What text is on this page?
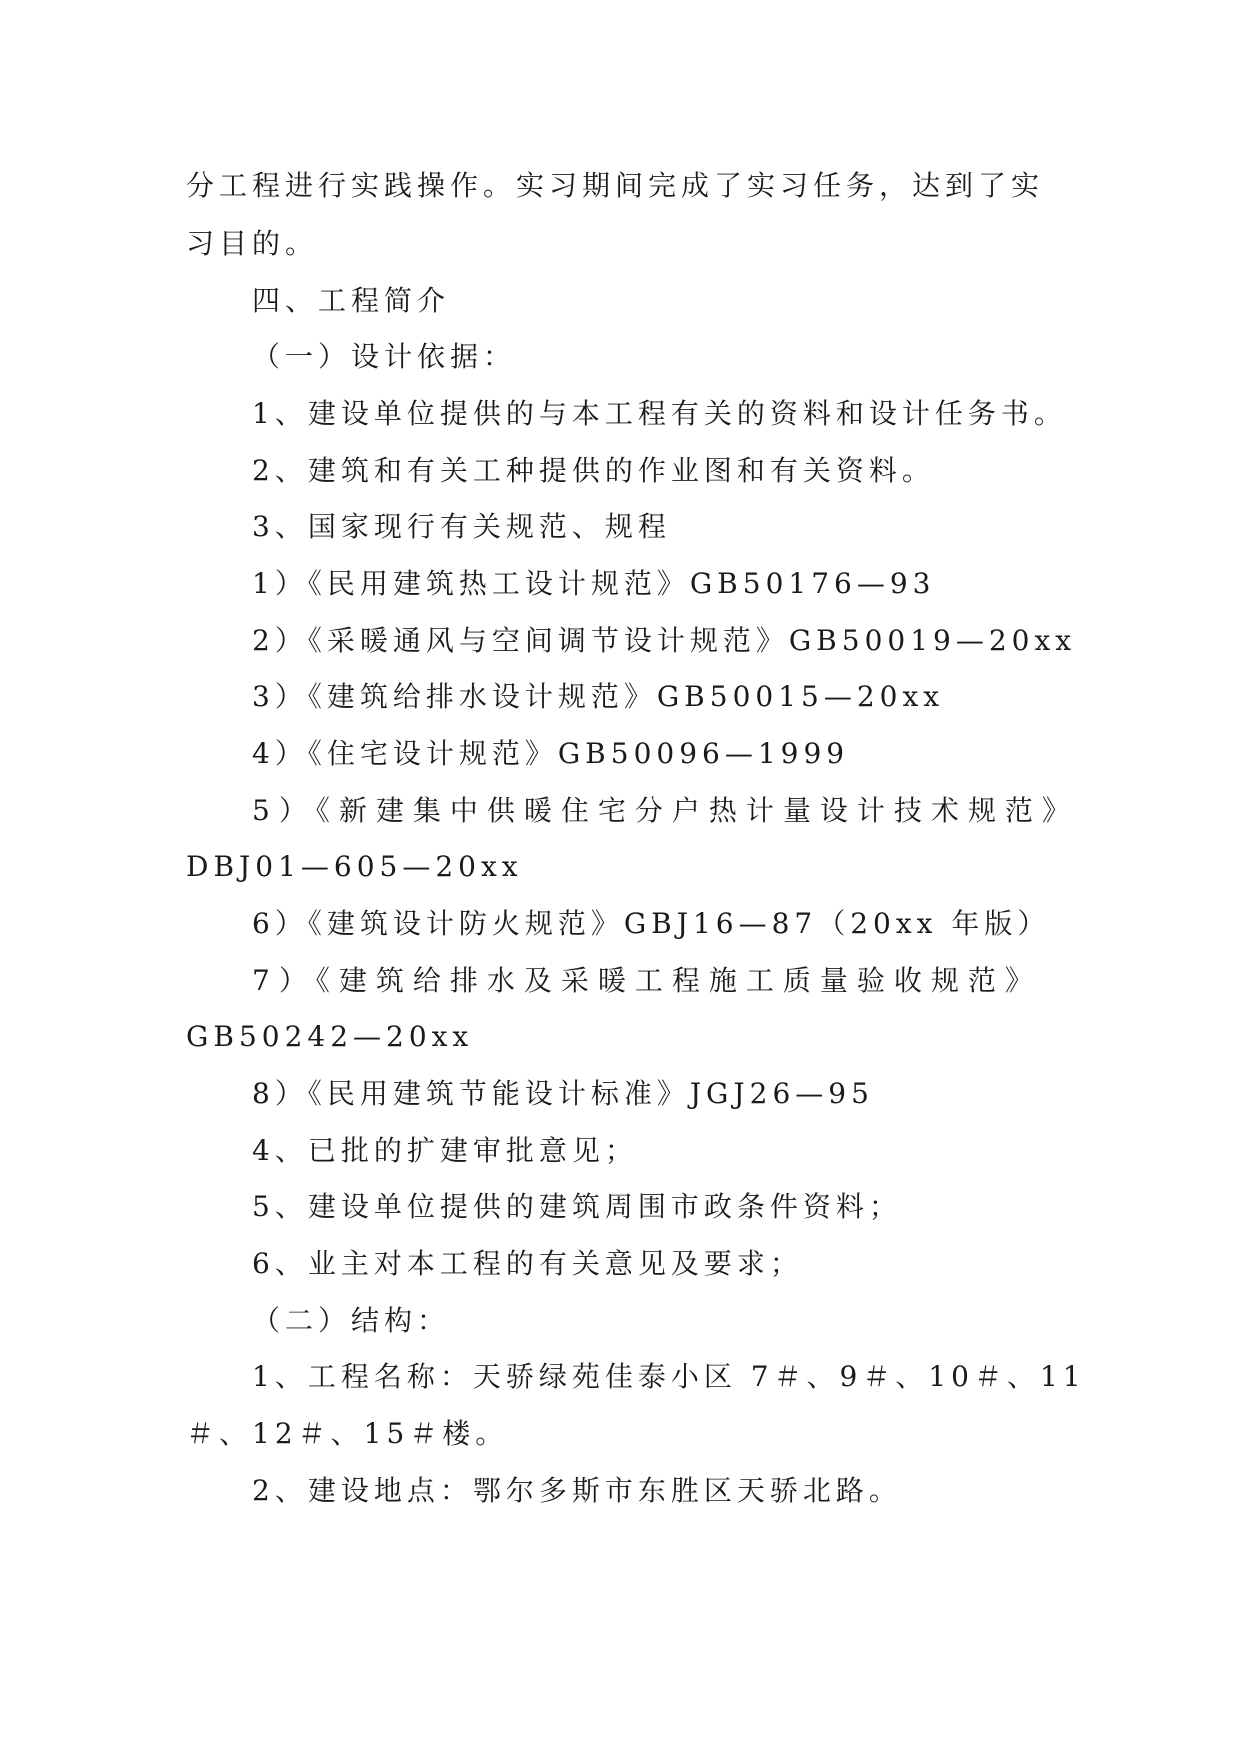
分工程进行实践操作。实习期间完成了实习任务，达到了实
习目的。
四、工程简介
（一）设计依据：
1、建设单位提供的与本工程有关的资料和设计任务书。
2、建筑和有关工种提供的作业图和有关资料。
3、国家现行有关规范、规程
1）《民用建筑热工设计规范》GB50176—93
2）《采暖通风与空间调节设计规范》GB50019—20xx
3）《建筑给排水设计规范》GB50015—20xx
4）《住宅设计规范》GB50096—1999
5）《新建集中供暖住宅分户热计量设计技术规范》
DBJ01—605—20xx
6）《建筑设计防火规范》GBJ16—87（20xx 年版）
7）《建筑给排水及采暖工程施工质量验收规范》
GB50242—20xx
8）《民用建筑节能设计标准》JGJ26—95
4、已批的扩建审批意见；
5、建设单位提供的建筑周围市政条件资料；
6、业主对本工程的有关意见及要求；
（二）结构：
1、工程名称：天骄绿苑佳泰小区 7＃、9＃、10＃、11
＃、12＃、15＃楼。
2、建设地点：鄂尔多斯市东胜区天骄北路。
